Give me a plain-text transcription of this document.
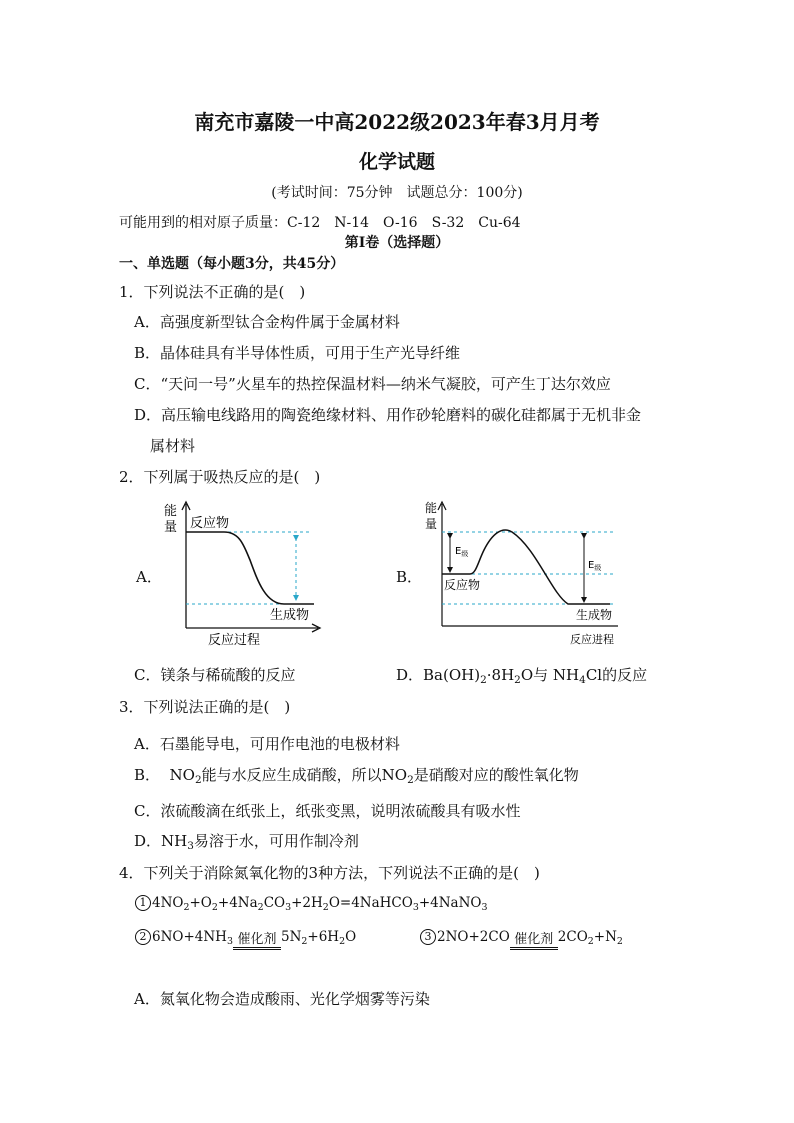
南充市嘉陵一中高2022级2023年春3月月考
化学试题
(考试时间：75分钟　试题总分：100分)
可能用到的相对原子质量：C-12　N-14　O-16　S-32　Cu-64
第I卷（选择题）
一、单选题（每小题3分，共45分）
1．下列说法不正确的是(　)
A．高强度新型钛合金构件属于金属材料
B．晶体硅具有半导体性质，可用于生产光导纤维
C．“天问一号”火星车的热控保温材料—纳米气凝胶，可产生丁达尔效应
D．高压输电线路用的陶瓷绝缘材料、用作砂轮磨料的碳化硅都属于无机非金
属材料
2．下列属于吸热反应的是(　)
A．
能
量 反应物
生成物
反应过程
B．
能
量
$E_级$
$E_级$
反应物
生成物
反应进程
C．镁条与稀硫酸的反应	D．$Ba(OH)_2\cdot 8H_2O$与 $NH_4Cl$的反应
3．下列说法正确的是(　)
A．石墨能导电，可用作电池的电极材料
B．  $NO_2$能与水反应生成硝酸，所以$NO_2$是硝酸对应的酸性氧化物
C．浓硫酸滴在纸张上，纸张变黑，说明浓硫酸具有吸水性
D．$NH_3$易溶于水，可用作制冷剂
4．下列关于消除氮氧化物的3种方法，下列说法不正确的是(　)
1 $4NO_2+O_2+4Na_2CO_3+2H_2O=4NaHCO_3+4NaNO_3$
2 $6NO+4NH_3$ 催化剂 $5N_2+6H_2O$	3 2NO+2CO 催化剂 $2CO_2+N_2$
A．氮氧化物会造成酸雨、光化学烟雾等污染
